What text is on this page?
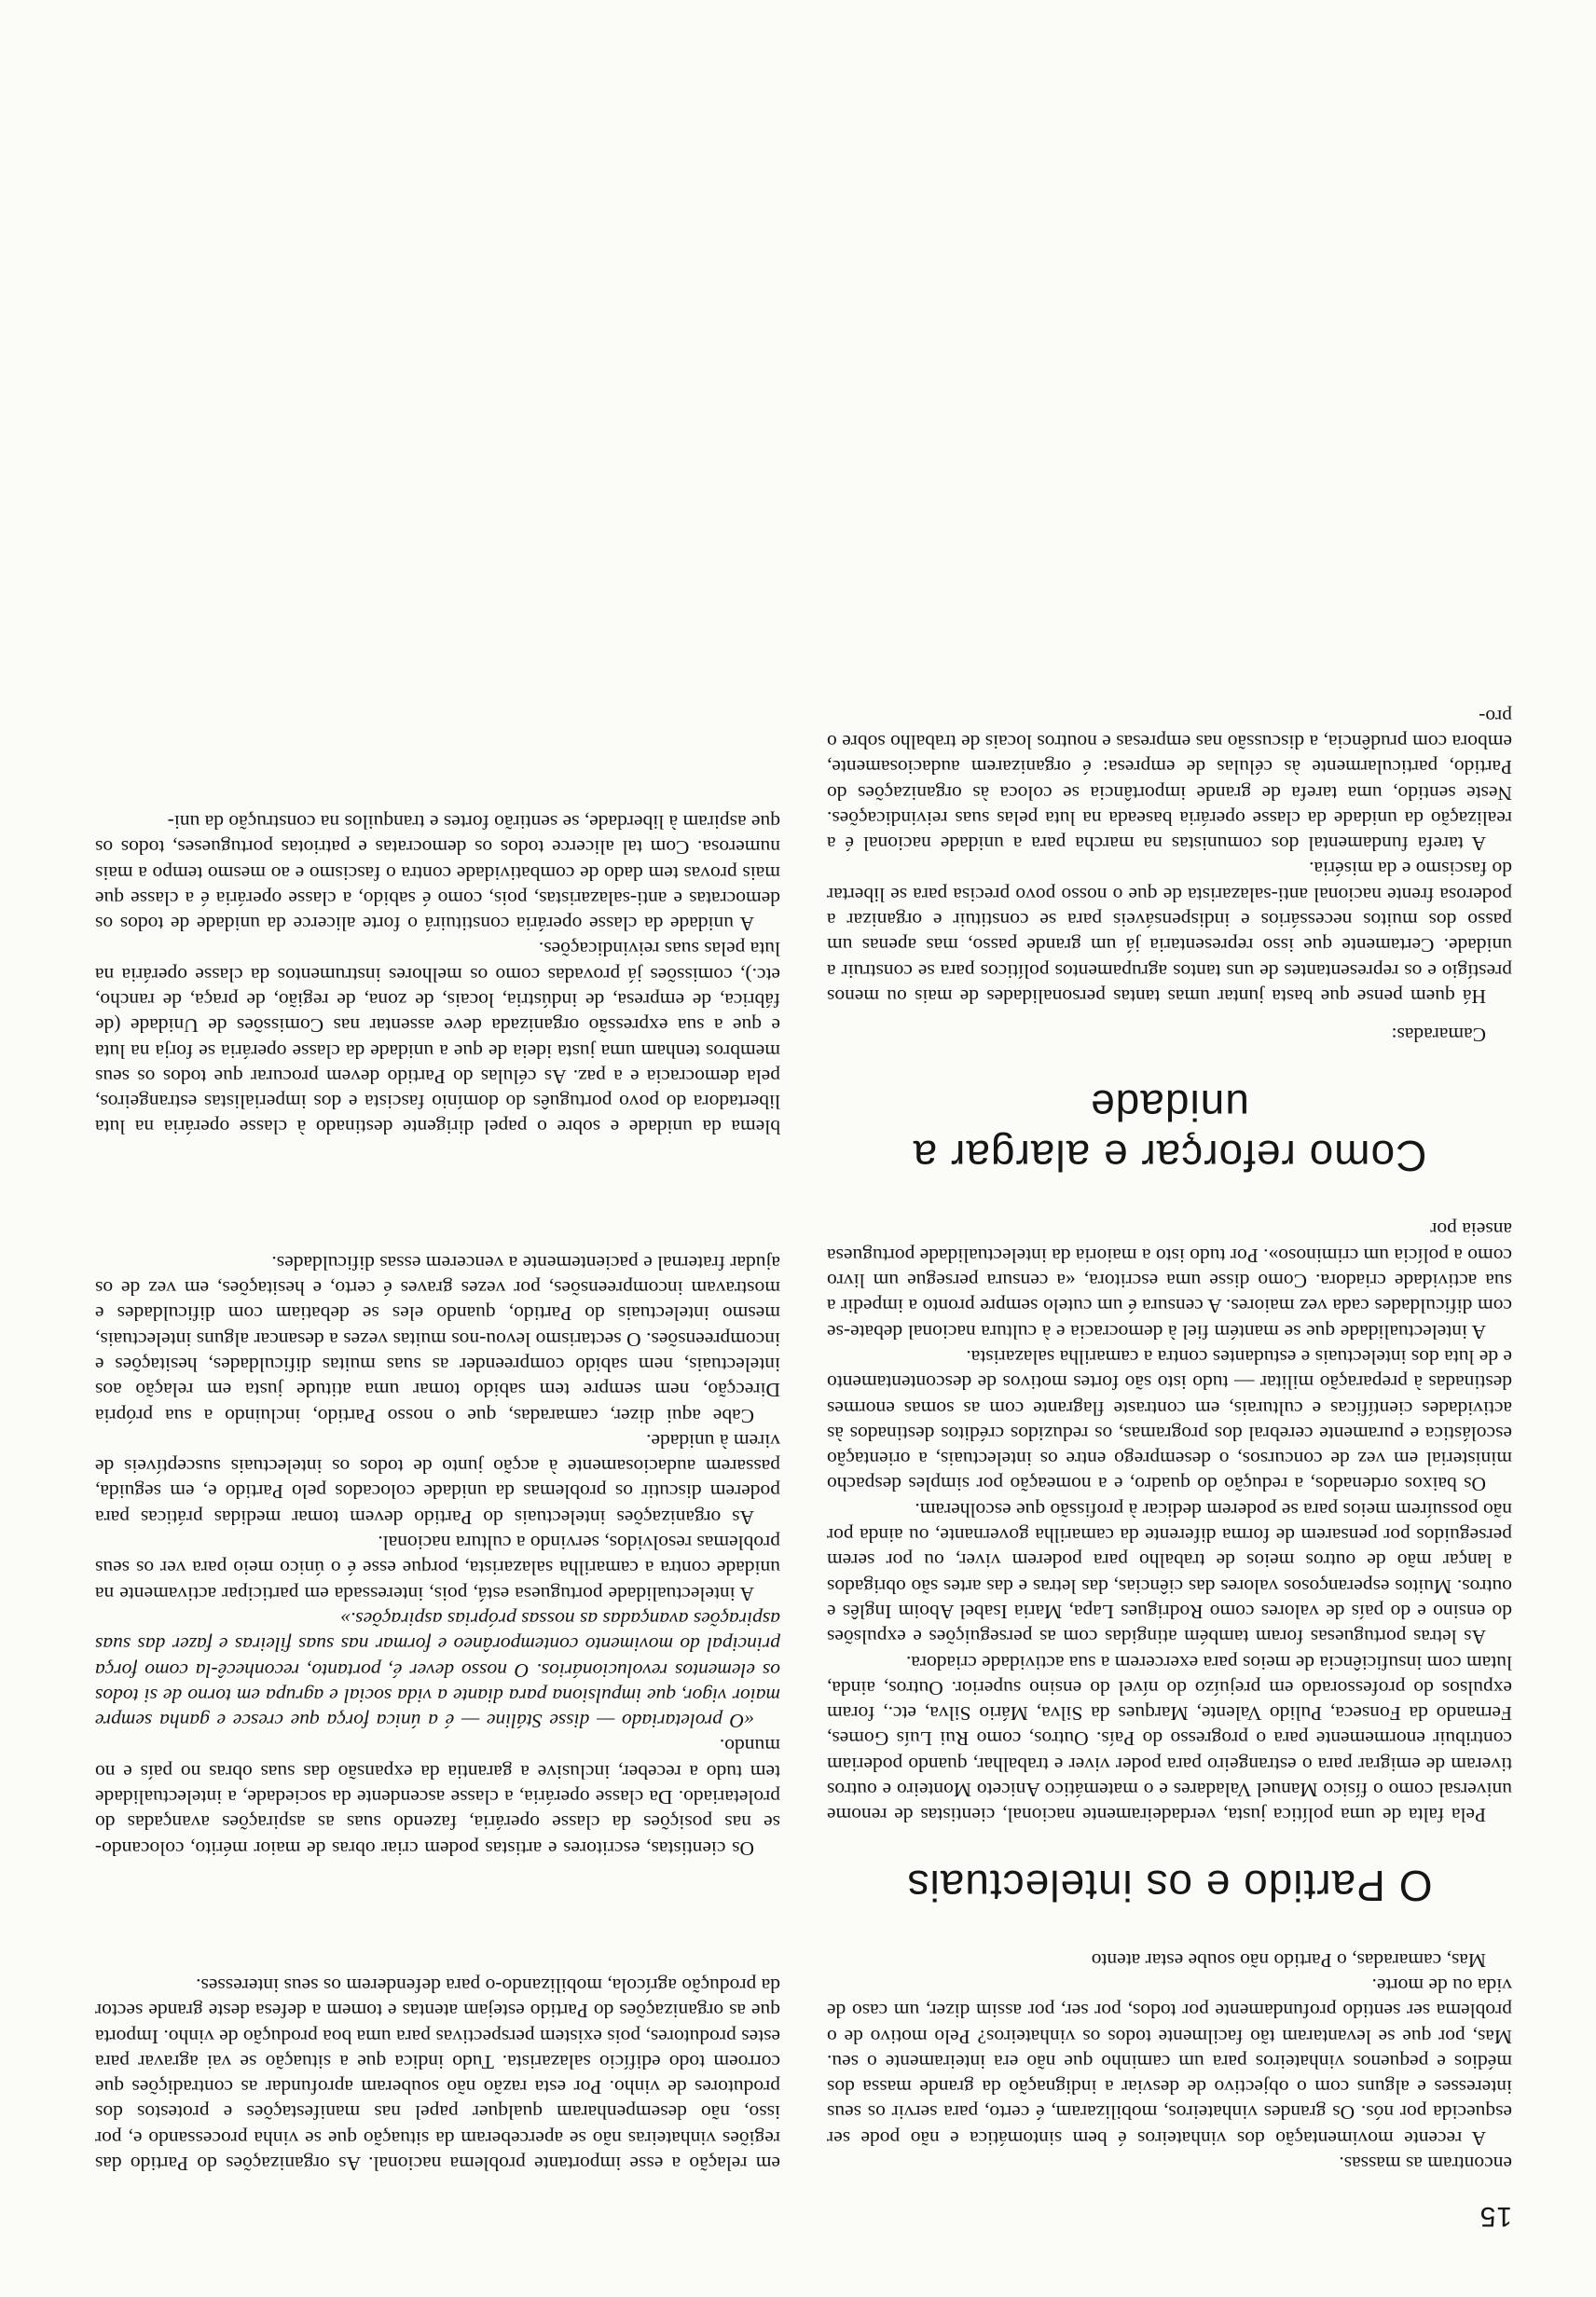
15

encontram as massas.

A recente movimentação dos vinhateiros é bem sintomática e não pode ser esquecida por nós. Os grandes vinhateiros, mobilizaram, é certo, para servir os seus interesses e alguns com o objectivo de desviar a indignação da grande massa dos médios e pequenos vinhateiros para um caminho que não era inteiramente o seu. Mas, por que se levantaram tão facilmente todos os vinhateiros? Pelo motivo de o problema ser sentido profundamente por todos, por ser, por assim dizer, um caso de vida ou de morte.

Mas, camaradas, o Partido não soube estar atento

O Partido e os intelectuais

Pela falta de uma política justa, verdadeiramente nacional, cientistas de renome universal como o físico Manuel Valadares e o matemático Aniceto Monteiro e outros tiveram de emigrar para o estrangeiro para poder viver e trabalhar, quando poderiam contribuir enormemente para o progresso do País. Outros, como Rui Luís Gomes, Fernando da Fonseca, Pulido Valente, Marques da Silva, Mário Silva, etc., foram expulsos do professorado em prejuízo do nível do ensino superior. Outros, ainda, lutam com insuficiência de meios para exercerem a sua actividade criadora.

As letras portuguesas foram também atingidas com as perseguições e expulsões do ensino e do país de valores como Rodrigues Lapa, Maria Isabel Aboim Inglês e outros. Muitos esperançosos valores das ciências, das letras e das artes são obrigados a lançar mão de outros meios de trabalho para poderem viver, ou por serem perseguidos por pensarem de forma diferente da camarilha governante, ou ainda por não possuírem meios para se poderem dedicar à profissão que escolheram.

Os baixos ordenados, a redução do quadro, e a nomeação por simples despacho ministerial em vez de concursos, o desemprego entre os intelectuais, a orientação escolástica e puramente cerebral dos programas, os reduzidos créditos destinados às actividades científicas e culturais, em contraste flagrante com as somas enormes destinadas à preparação militar — tudo isto são fortes motivos de descontentamento e de luta dos intelectuais e estudantes contra a camarilha salazarista.

A intelectualidade que se mantém fiel à democracia e à cultura nacional debate-se com dificuldades cada vez maiores. A censura é um cutelo sempre pronto a impedir a sua actividade criadora. Como disse uma escritora, «a censura persegue um livro como a polícia um criminoso». Por tudo isto a maioria da intelectualidade portuguesa anseia por

Como reforçar e alargar a unidade

Camaradas:

Há quem pense que basta juntar umas tantas personalidades de mais ou menos prestígio e os representantes de uns tantos agrupamentos políticos para se construir a unidade. Certamente que isso representaria já um grande passo, mas apenas um passo dos muitos necessários e indispensáveis para se constituir e organizar a poderosa frente nacional anti-salazarista de que o nosso povo precisa para se libertar do fascismo e da miséria.

A tarefa fundamental dos comunistas na marcha para a unidade nacional é a realização da unidade da classe operária baseada na luta pelas suas reivindicações. Neste sentido, uma tarefa de grande importância se coloca às organizações do Partido, particularmente às células de empresa: é organizarem audaciosamente, embora com prudência, a discussão nas empresas e noutros locais de trabalho sobre o pro-

em relação a esse importante problema nacional. As organizações do Partido das regiões vinhateiras não se aperceberam da situação que se vinha processando e, por isso, não desempenharam qualquer papel nas manifestações e protestos dos produtores de vinho. Por esta razão não souberam aprofundar as contradições que corroem todo edifício salazarista. Tudo indica que a situação se vai agravar para estes produtores, pois existem perspectivas para uma boa produção de vinho. Importa que as organizações do Partido estejam atentas e tomem a defesa deste grande sector da produção agrícola, mobilizando-o para defenderem os seus interesses.

Os cientistas, escritores e artistas podem criar obras de maior mérito, colocando-se nas posições da classe operária, fazendo suas as aspirações avançadas do proletariado. Da classe operária, a classe ascendente da sociedade, a intelectualidade tem tudo a receber, inclusive a garantia da expansão das suas obras no país e no mundo.

«O proletariado — disse Stáline — é a única força que cresce e ganha sempre maior vigor, que impulsiona para diante a vida social e agrupa em torno de si todos os elementos revolucionários. O nosso dever é, portanto, reconhecê-la como força principal do movimento contemporâneo e formar nas suas fileiras e fazer das suas aspirações avançadas as nossas próprias aspirações.»

A intelectualidade portuguesa está, pois, interessada em participar activamente na unidade contra a camarilha salazarista, porque esse é o único meio para ver os seus problemas resolvidos, servindo a cultura nacional.

As organizações intelectuais do Partido devem tomar medidas práticas para poderem discutir os problemas da unidade colocados pelo Partido e, em seguida, passarem audaciosamente à acção junto de todos os intelectuais susceptíveis de virem à unidade.

Cabe aqui dizer, camaradas, que o nosso Partido, incluindo a sua própria Direcção, nem sempre tem sabido tomar uma atitude justa em relação aos intelectuais, nem sabido compreender as suas muitas dificuldades, hesitações e incompreensões. O sectarismo levou-nos muitas vezes a desancar alguns intelectuais, mesmo intelectuais do Partido, quando eles se debatiam com dificuldades e mostravam incompreensões, por vezes graves é certo, e hesitações, em vez de os ajudar fraternal e pacientemente a vencerem essas dificuldades.

blema da unidade e sobre o papel dirigente destinado à classe operária na luta libertadora do povo português do domínio fascista e dos imperialistas estrangeiros, pela democracia e a paz. As células do Partido devem procurar que todos os seus membros tenham uma justa ideia de que a unidade da classe operária se forja na luta e que a sua expressão organizada deve assentar nas Comissões de Unidade (de fábrica, de empresa, de indústria, locais, de zona, de região, de praça, de rancho, etc.), comissões já provadas como os melhores instrumentos da classe operária na luta pelas suas reivindicações.

A unidade da classe operária constituirá o forte alicerce da unidade de todos os democratas e anti-salazaristas, pois, como é sabido, a classe operária é a classe que mais provas tem dado de combatividade contra o fascismo e ao mesmo tempo a mais numerosa. Com tal alicerce todos os democratas e patriotas portugueses, todos os que aspiram à liberdade, se sentirão fortes e tranquilos na construção da uni-
